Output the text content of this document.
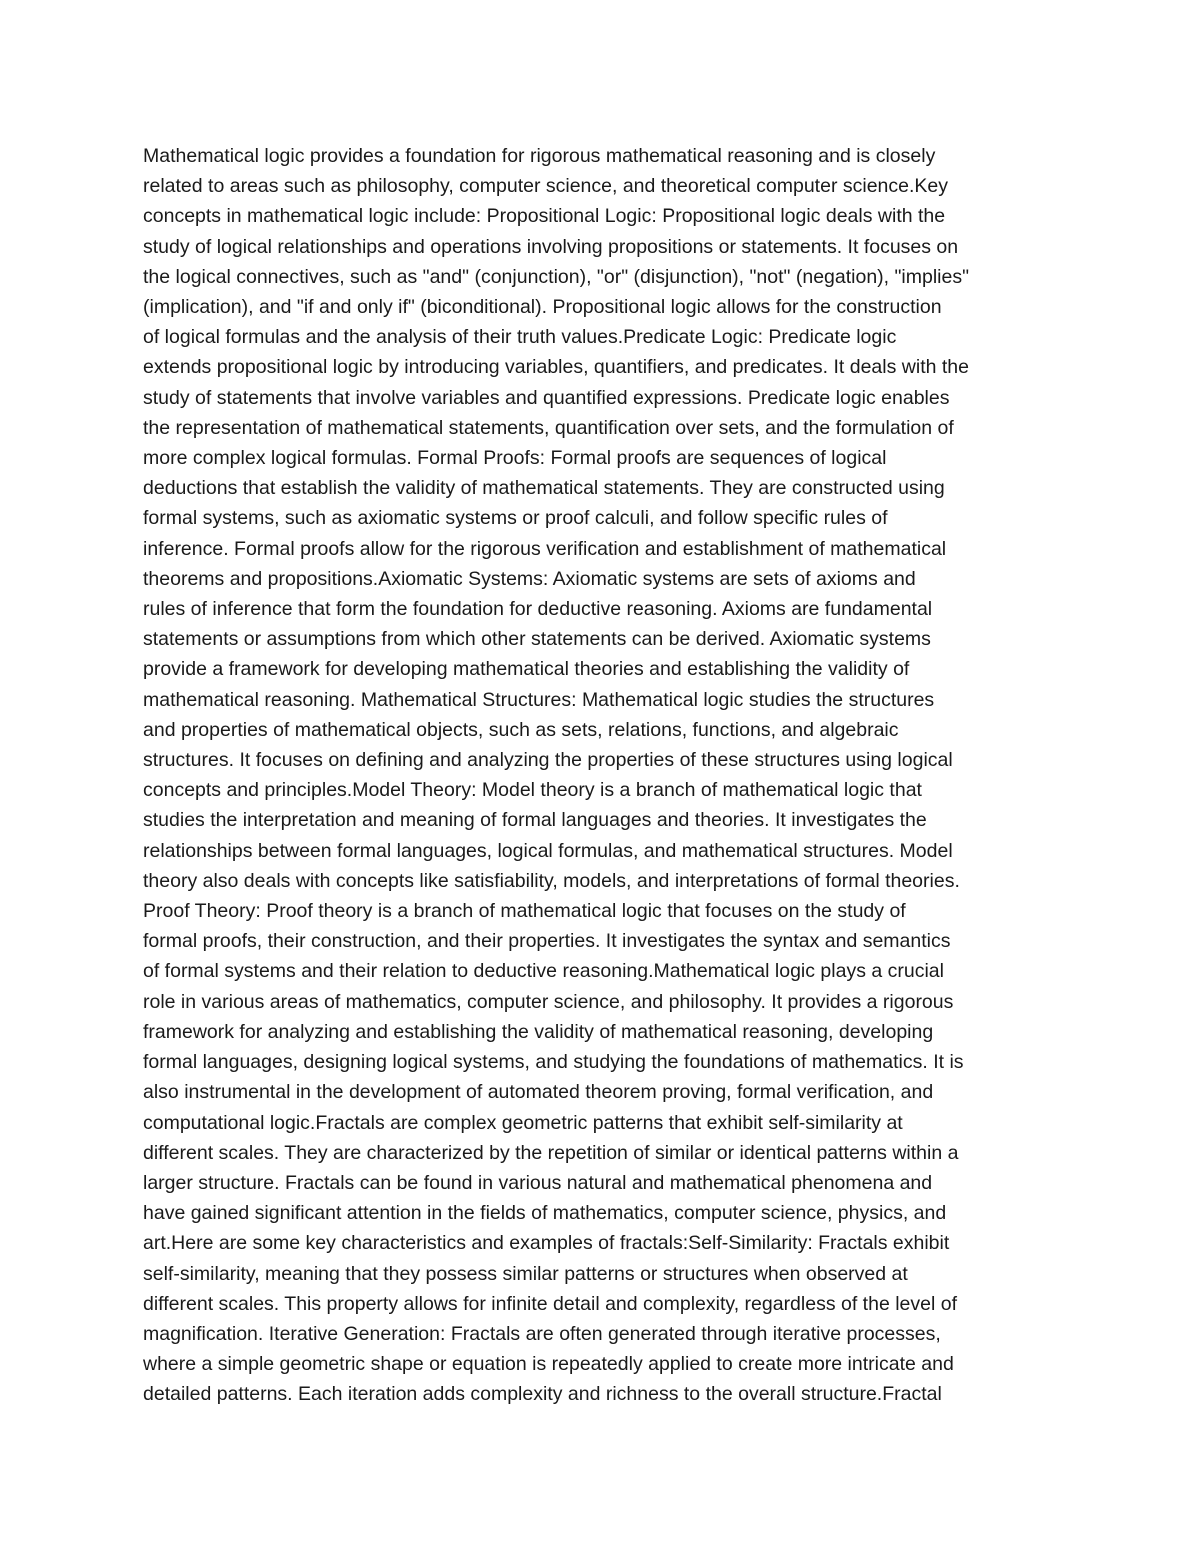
Mathematical logic provides a foundation for rigorous mathematical reasoning and is closely
related to areas such as philosophy, computer science, and theoretical computer science.Key
concepts in mathematical logic include: Propositional Logic: Propositional logic deals with the
study of logical relationships and operations involving propositions or statements. It focuses on
the logical connectives, such as "and" (conjunction), "or" (disjunction), "not" (negation), "implies"
(implication), and "if and only if" (biconditional). Propositional logic allows for the construction
of logical formulas and the analysis of their truth values.Predicate Logic: Predicate logic
extends propositional logic by introducing variables, quantifiers, and predicates. It deals with the
study of statements that involve variables and quantified expressions. Predicate logic enables
the representation of mathematical statements, quantification over sets, and the formulation of
more complex logical formulas. Formal Proofs: Formal proofs are sequences of logical
deductions that establish the validity of mathematical statements. They are constructed using
formal systems, such as axiomatic systems or proof calculi, and follow specific rules of
inference. Formal proofs allow for the rigorous verification and establishment of mathematical
theorems and propositions.Axiomatic Systems: Axiomatic systems are sets of axioms and
rules of inference that form the foundation for deductive reasoning. Axioms are fundamental
statements or assumptions from which other statements can be derived. Axiomatic systems
provide a framework for developing mathematical theories and establishing the validity of
mathematical reasoning. Mathematical Structures: Mathematical logic studies the structures
and properties of mathematical objects, such as sets, relations, functions, and algebraic
structures. It focuses on defining and analyzing the properties of these structures using logical
concepts and principles.Model Theory: Model theory is a branch of mathematical logic that
studies the interpretation and meaning of formal languages and theories. It investigates the
relationships between formal languages, logical formulas, and mathematical structures. Model
theory also deals with concepts like satisfiability, models, and interpretations of formal theories.
Proof Theory: Proof theory is a branch of mathematical logic that focuses on the study of
formal proofs, their construction, and their properties. It investigates the syntax and semantics
of formal systems and their relation to deductive reasoning.Mathematical logic plays a crucial
role in various areas of mathematics, computer science, and philosophy. It provides a rigorous
framework for analyzing and establishing the validity of mathematical reasoning, developing
formal languages, designing logical systems, and studying the foundations of mathematics. It is
also instrumental in the development of automated theorem proving, formal verification, and
computational logic.Fractals are complex geometric patterns that exhibit self-similarity at
different scales. They are characterized by the repetition of similar or identical patterns within a
larger structure. Fractals can be found in various natural and mathematical phenomena and
have gained significant attention in the fields of mathematics, computer science, physics, and
art.Here are some key characteristics and examples of fractals:Self-Similarity: Fractals exhibit
self-similarity, meaning that they possess similar patterns or structures when observed at
different scales. This property allows for infinite detail and complexity, regardless of the level of
magnification. Iterative Generation: Fractals are often generated through iterative processes,
where a simple geometric shape or equation is repeatedly applied to create more intricate and
detailed patterns. Each iteration adds complexity and richness to the overall structure.Fractal
